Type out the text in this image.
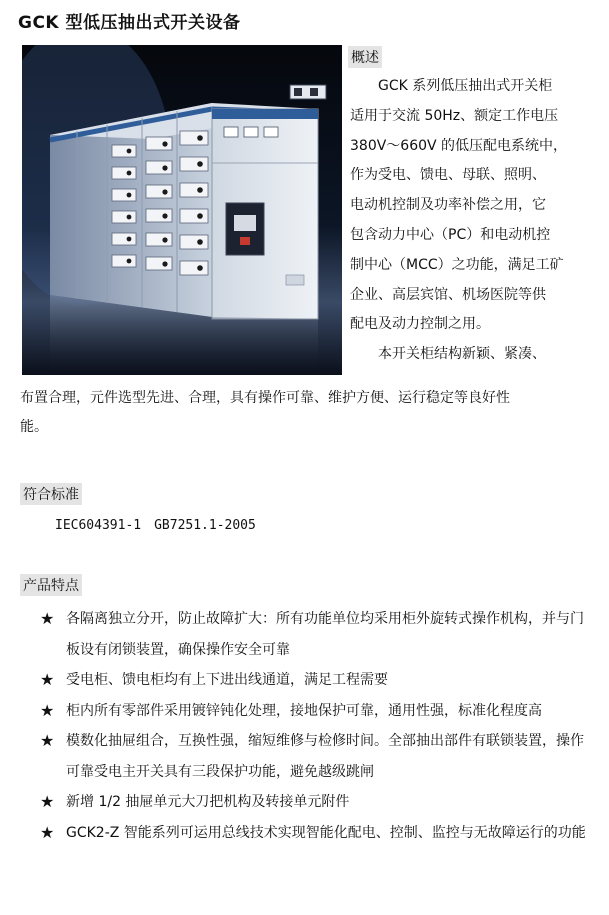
GCK 型低压抽出式开关设备
概述
　　GCK 系列低压抽出式开关柜
适用于交流 50Hz、额定工作电压
380V～660V 的低压配电系统中，
作为受电、馈电、母联、照明、
电动机控制及功率补偿之用，它
包含动力中心（PC）和电动机控
制中心（MCC）之功能，满足工矿
企业、高层宾馆、机场医院等供
配电及动力控制之用。
　　本开关柜结构新颖、紧凑、
布置合理，元件选型先进、合理，具有操作可靠、维护方便、运行稳定等良好性
能。
符合标准
IEC604391-1　GB7251.1-2005
产品特点
★ 各隔离独立分开，防止故障扩大：所有功能单位均采用柜外旋转式操作机构，并与门板设有闭锁装置，确保操作安全可靠
★ 受电柜、馈电柜均有上下进出线通道，满足工程需要
★ 柜内所有零部件采用镀锌钝化处理，接地保护可靠，通用性强，标准化程度高
★ 模数化抽屉组合，互换性强，缩短维修与检修时间。全部抽出部件有联锁装置，操作可靠受电主开关具有三段保护功能，避免越级跳闸
★ 新增 1/2 抽屉单元大刀把机构及转接单元附件
★ GCK2-Z 智能系列可运用总线技术实现智能化配电、控制、监控与无故障运行的功能
